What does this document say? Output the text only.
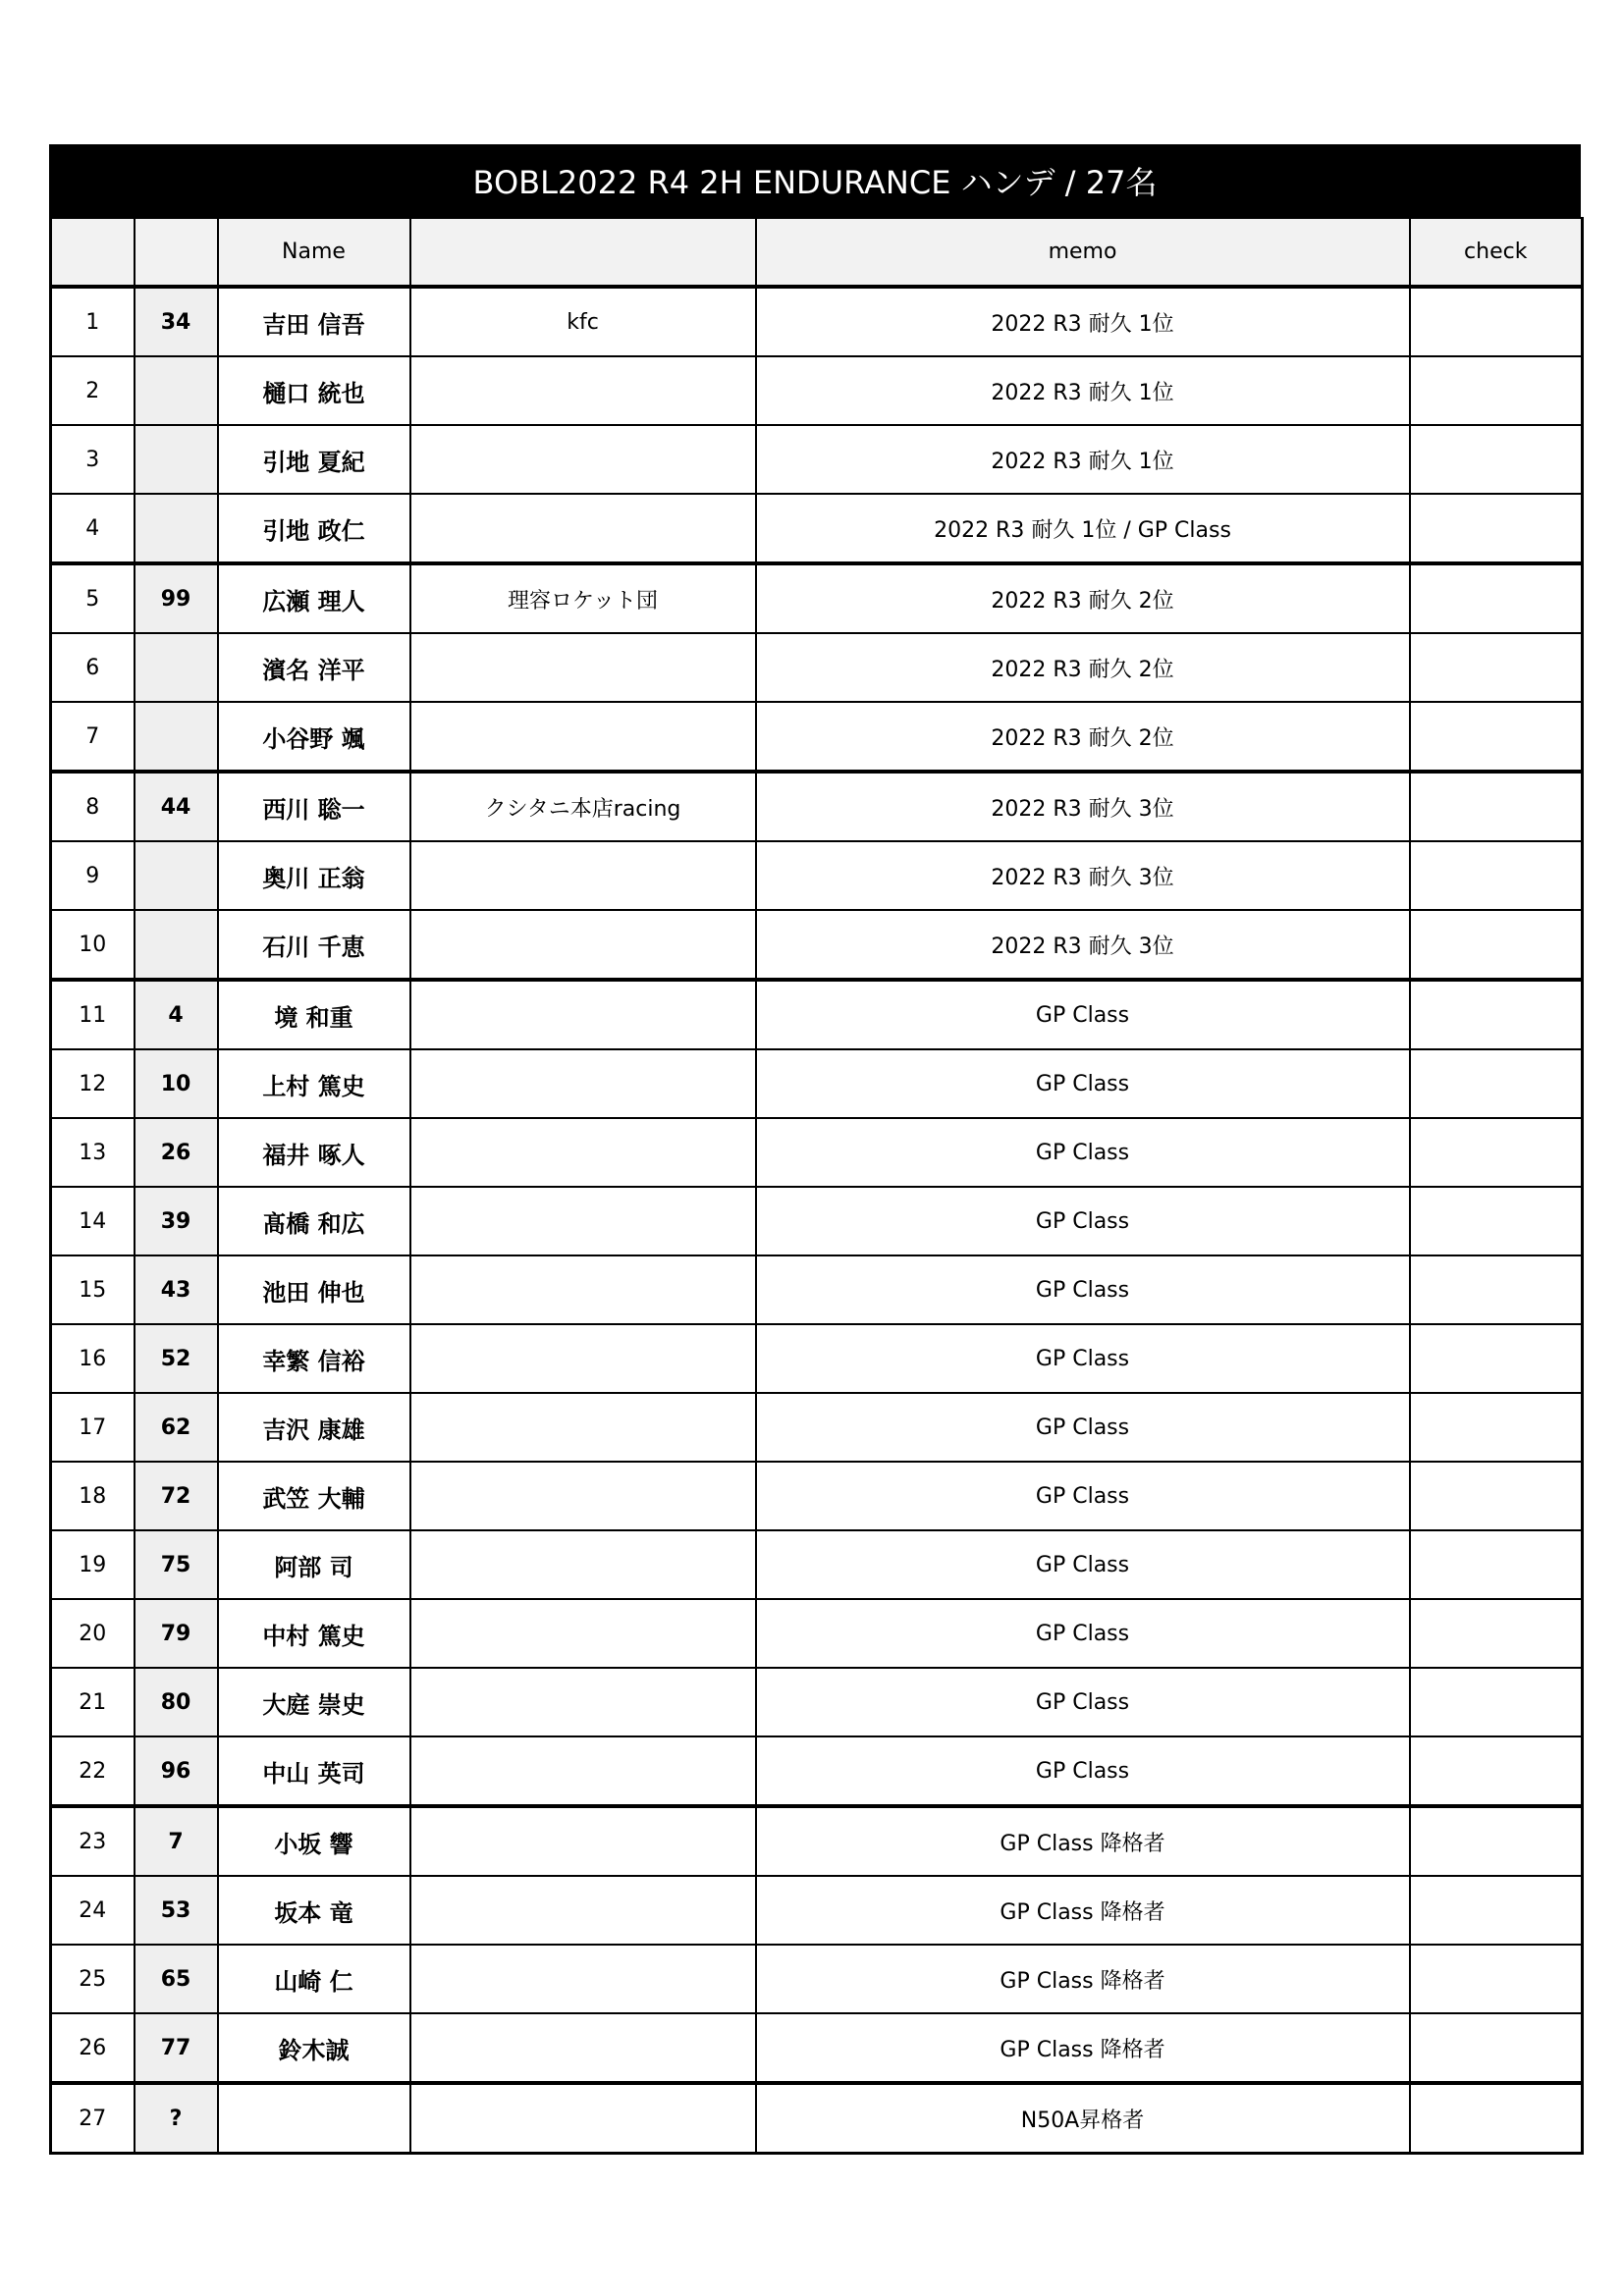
BOBL2022 R4 2H ENDURANCE ハンデ / 27名
		Name		memo	check
1	34	吉田 信吾	kfc	2022 R3 耐久 1位	
2		樋口 統也		2022 R3 耐久 1位	
3		引地 夏紀		2022 R3 耐久 1位	
4		引地 政仁		2022 R3 耐久 1位 / GP Class	
5	99	広瀬 理人	理容ロケット団	2022 R3 耐久 2位	
6		濱名 洋平		2022 R3 耐久 2位	
7		小谷野 颯		2022 R3 耐久 2位	
8	44	西川 聡一	クシタニ本店racing	2022 R3 耐久 3位	
9		奥川 正翁		2022 R3 耐久 3位	
10		石川 千恵		2022 R3 耐久 3位	
11	4	境 和重		GP Class	
12	10	上村 篤史		GP Class	
13	26	福井 啄人		GP Class	
14	39	髙橋 和広		GP Class	
15	43	池田 伸也		GP Class	
16	52	幸繁 信裕		GP Class	
17	62	吉沢 康雄		GP Class	
18	72	武笠 大輔		GP Class	
19	75	阿部 司		GP Class	
20	79	中村 篤史		GP Class	
21	80	大庭 崇史		GP Class	
22	96	中山 英司		GP Class	
23	7	小坂 響		GP Class 降格者	
24	53	坂本 竜		GP Class 降格者	
25	65	山崎 仁		GP Class 降格者	
26	77	鈴木誠		GP Class 降格者	
27	?			N50A昇格者	
